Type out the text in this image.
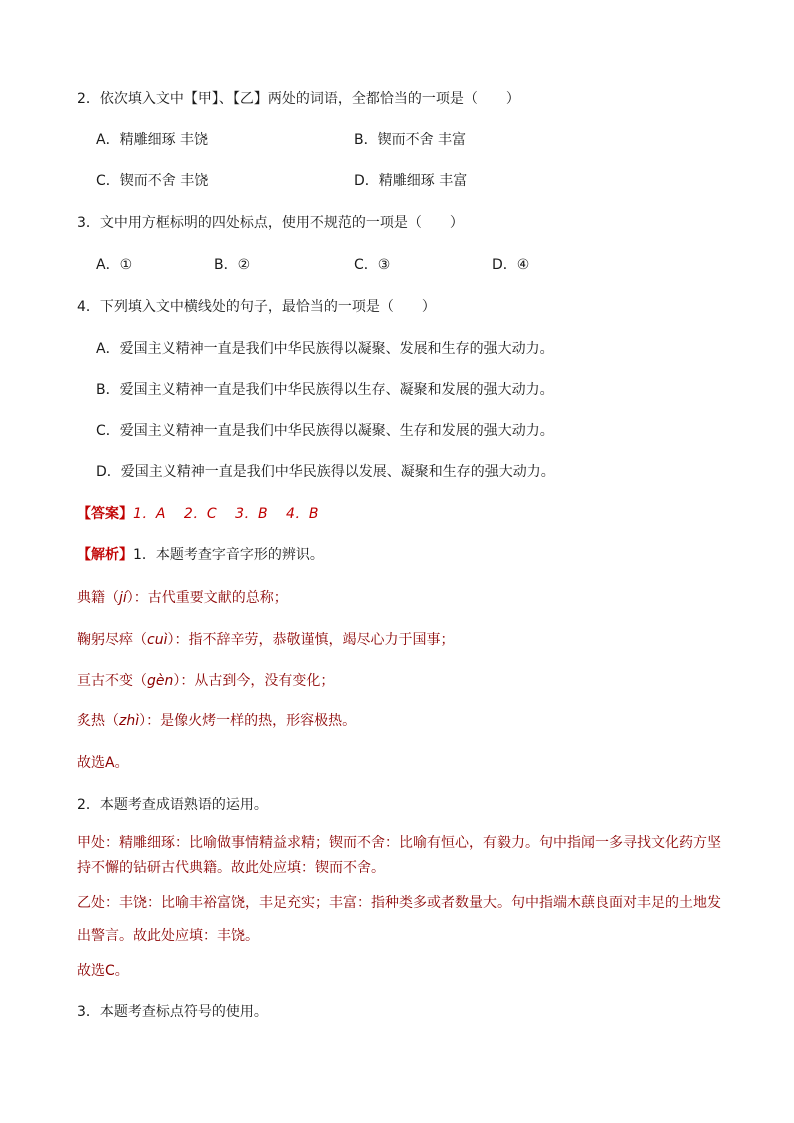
2．依次填入文中【甲】、【乙】两处的词语，全都恰当的一项是（　　）
A．精雕细琢 丰饶	B．锲而不舍 丰富
C．锲而不舍 丰饶	D．精雕细琢 丰富
3．文中用方框标明的四处标点，使用不规范的一项是（　　）
A．①	B．②	C．③	D．④
4．下列填入文中横线处的句子，最恰当的一项是（　　）
A．爱国主义精神一直是我们中华民族得以凝聚、发展和生存的强大动力。
B．爱国主义精神一直是我们中华民族得以生存、凝聚和发展的强大动力。
C．爱国主义精神一直是我们中华民族得以凝聚、生存和发展的强大动力。
D．爱国主义精神一直是我们中华民族得以发展、凝聚和生存的强大动力。
【答案】1．A　 2．C　 3．B　 4．B
【解析】1．本题考查字音字形的辨识。
典籍（jí）：古代重要文献的总称；
鞠躬尽瘁（cuì）：指不辞辛劳，恭敬谨慎，竭尽心力于国事；
亘古不变（gèn）：从古到今，没有变化；
炙热（zhì）：是像火烤一样的热，形容极热。
故选A。
2．本题考查成语熟语的运用。
甲处：精雕细琢：比喻做事情精益求精；锲而不舍：比喻有恒心，有毅力。句中指闻一多寻找文化药方坚
持不懈的钻研古代典籍。故此处应填：锲而不舍。
乙处：丰饶：比喻丰裕富饶，丰足充实；丰富：指种类多或者数量大。句中指端木蕻良面对丰足的土地发
出警言。故此处应填：丰饶。
故选C。
3．本题考查标点符号的使用。
